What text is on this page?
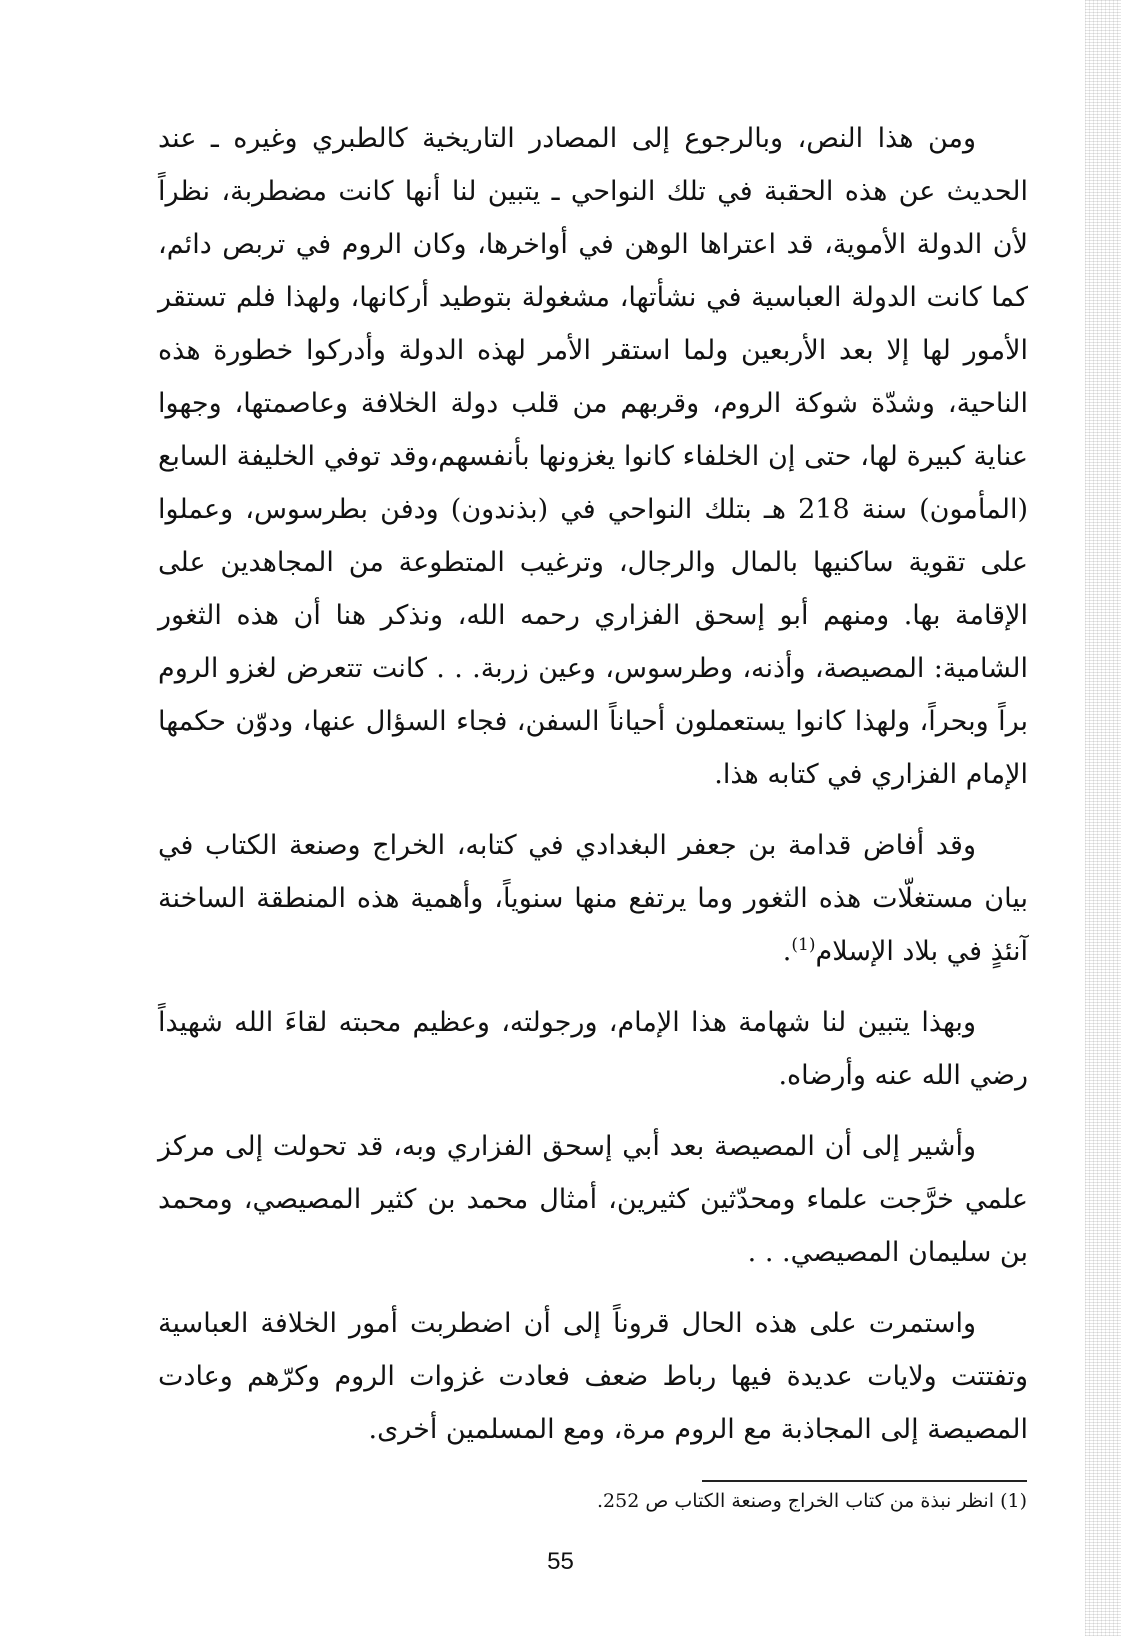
ومن هذا النص، وبالرجوع إلى المصادر التاريخية كالطبري وغيره ـ عند الحديث عن هذه الحقبة في تلك النواحي ـ يتبين لنا أنها كانت مضطربة، نظراً لأن الدولة الأموية، قد اعتراها الوهن في أواخرها، وكان الروم في تربص دائم، كما كانت الدولة العباسية في نشأتها، مشغولة بتوطيد أركانها، ولهذا فلم تستقر الأمور لها إلا بعد الأربعين ولما استقر الأمر لهذه الدولة وأدركوا خطورة هذه الناحية، وشدّة شوكة الروم، وقربهم من قلب دولة الخلافة وعاصمتها، وجهوا عناية كبيرة لها، حتى إن الخلفاء كانوا يغزونها بأنفسهم،وقد توفي الخليفة السابع (المأمون) سنة 218 هـ بتلك النواحي في (بذندون) ودفن بطرسوس، وعملوا على تقوية ساكنيها بالمال والرجال، وترغيب المتطوعة من المجاهدين على الإقامة بها. ومنهم أبو إسحق الفزاري رحمه الله، ونذكر هنا أن هذه الثغور الشامية: المصيصة، وأذنه، وطرسوس، وعين زربة. . . كانت تتعرض لغزو الروم براً وبحراً، ولهذا كانوا يستعملون أحياناً السفن، فجاء السؤال عنها، ودوّن حكمها الإمام الفزاري في كتابه هذا.

وقد أفاض قدامة بن جعفر البغدادي في كتابه، الخراج وصنعة الكتاب في بيان مستغلّات هذه الثغور وما يرتفع منها سنوياً، وأهمية هذه المنطقة الساخنة آنئذٍ في بلاد الإسلام$^{(1)}$.

وبهذا يتبين لنا شهامة هذا الإمام، ورجولته، وعظيم محبته لقاءَ الله شهيداً رضي الله عنه وأرضاه.

وأشير إلى أن المصيصة بعد أبي إسحق الفزاري وبه، قد تحولت إلى مركز علمي خرَّجت علماء ومحدّثين كثيرين، أمثال محمد بن كثير المصيصي، ومحمد بن سليمان المصيصي. . .

واستمرت على هذه الحال قروناً إلى أن اضطربت أمور الخلافة العباسية وتفتتت ولايات عديدة فيها رباط ضعف فعادت غزوات الروم وكرّهم وعادت المصيصة إلى المجاذبة مع الروم مرة، ومع المسلمين أخرى.

(1) انظر نبذة من كتاب الخراج وصنعة الكتاب ص 252.
55
